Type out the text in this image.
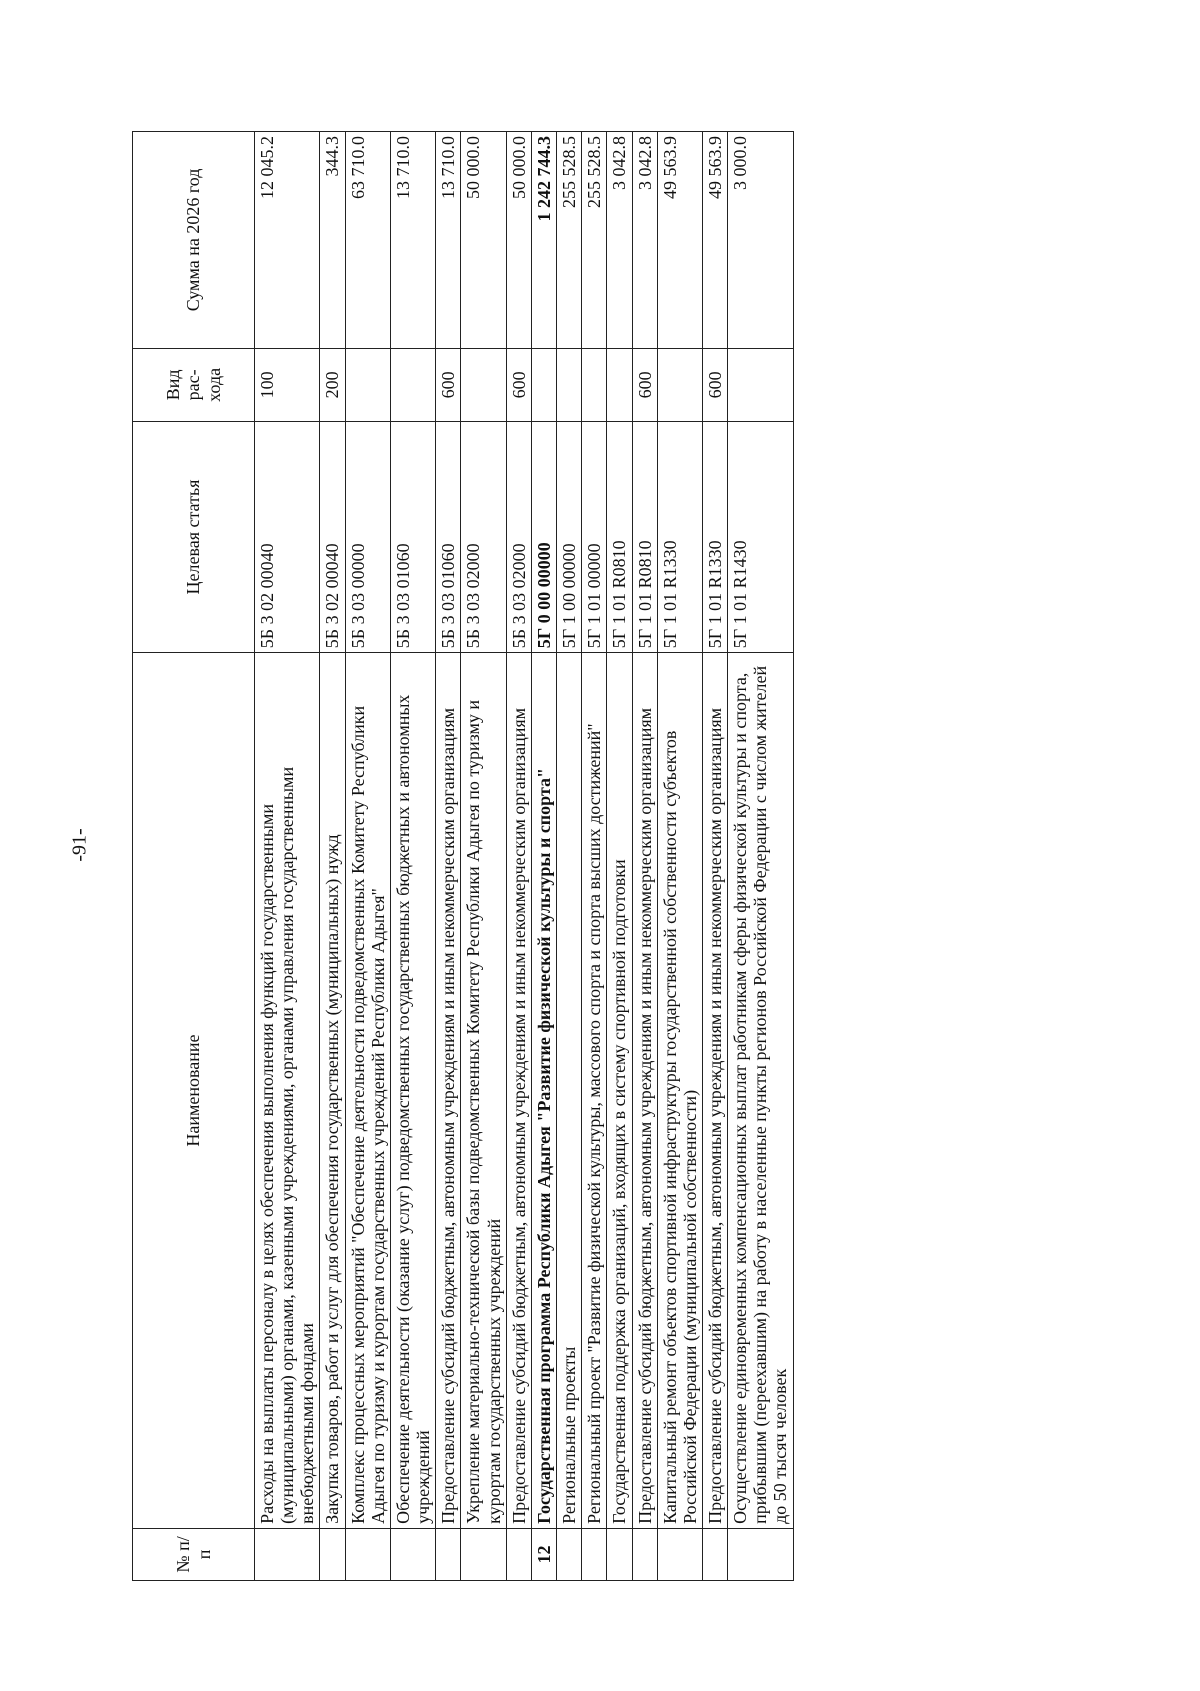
-91-
№ п/п	Наименование	Целевая статья	Вид рас- хода	Сумма на 2026 год
	Расходы на выплаты персоналу в целях обеспечения выполнения функций государственными (муниципальными) органами, казенными учреждениями, органами управления государственными внебюджетными фондами	5Б 3 02 00040	100	12 045.2
	Закупка товаров, работ и услуг для обеспечения государственных (муниципальных) нужд	5Б 3 02 00040	200	344.3
	Комплекс процессных мероприятий "Обеспечение деятельности подведомственных Комитету Республики Адыгея по туризму и курортам государственных учреждений Республики Адыгея"	5Б 3 03 00000		63 710.0
	Обеспечение деятельности (оказание услуг) подведомственных государственных бюджетных и автономных учреждений	5Б 3 03 01060		13 710.0
	Предоставление субсидий бюджетным, автономным учреждениям и иным некоммерческим организациям	5Б 3 03 01060	600	13 710.0
	Укрепление материально-технической базы подведомственных Комитету Республики Адыгея по туризму и курортам государственных учреждений	5Б 3 03 02000		50 000.0
	Предоставление субсидий бюджетным, автономным учреждениям и иным некоммерческим организациям	5Б 3 03 02000	600	50 000.0
12	Государственная программа Республики Адыгея "Развитие физической культуры и спорта"	5Г 0 00 00000		1 242 744.3
	Региональные проекты	5Г 1 00 00000		255 528.5
	Региональный проект "Развитие физической культуры, массового спорта и спорта высших достижений"	5Г 1 01 00000		255 528.5
	Государственная поддержка организаций, входящих в систему спортивной подготовки	5Г 1 01 R0810		3 042.8
	Предоставление субсидий бюджетным, автономным учреждениям и иным некоммерческим организациям	5Г 1 01 R0810	600	3 042.8
	Капитальный ремонт объектов спортивной инфраструктуры государственной собственности субъектов Российской Федерации (муниципальной собственности)	5Г 1 01 R1330		49 563.9
	Предоставление субсидий бюджетным, автономным учреждениям и иным некоммерческим организациям	5Г 1 01 R1330	600	49 563.9
	Осуществление единовременных компенсационных выплат работникам сферы физической культуры и спорта, прибывшим (переехавшим) на работу в населенные пункты регионов Российской Федерации с числом жителей до 50 тысяч человек	5Г 1 01 R1430		3 000.0
